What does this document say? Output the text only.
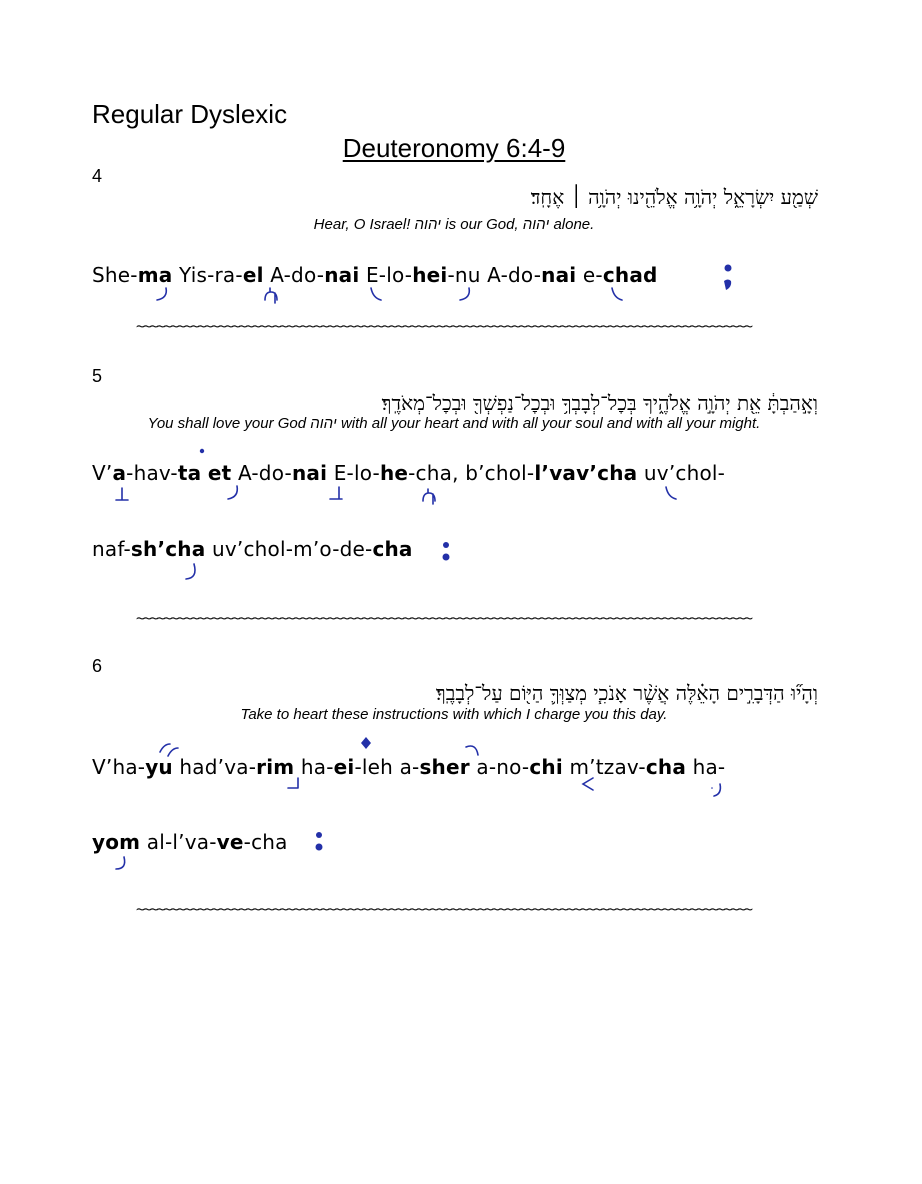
Regular Dyslexic
Deuteronomy 6:4-9
4
שְׁמַ֖ע יִשְׂרָאֵ֑ל יְהֹוָ֥ה אֱלֹהֵ֖ינוּ יְהֹוָ֥ה ׀ אֶחָֽד׃
Hear, O Israel! יהוה is our God, יהוה alone.
She-ma Yis-ra-el A-do-nai E-lo-hei-nu A-do-nai e-chad
~~~~~~~~~~~~~~~~~~~~~~~~~~~~~~~~~~~~~~~~~~~~~~~~~~~~~~~~~~~~~~~~~~~~~~~~~~~~~~~~~~~~~~~~~~
5
וְאָ֣הַבְתָּ֔ אֵ֖ת יְהֹוָ֣ה אֱלֹהֶ֑יךָ בְּכׇל־לְבָבְךָ֥ וּבְכׇל־נַפְשְׁךָ֖ וּבְכׇל־מְאֹדֶֽךָ׃
You shall love your God יהוה with all your heart and with all your soul and with all your might.
V’a-hav-ta et A-do-nai E-lo-he-cha, b’chol-l’vav’cha uv’chol-
naf-sh’cha uv’chol-m’o-de-cha
~~~~~~~~~~~~~~~~~~~~~~~~~~~~~~~~~~~~~~~~~~~~~~~~~~~~~~~~~~~~~~~~~~~~~~~~~~~~~~~~~~~~~~~~~~
6
וְהָי֞וּ הַדְּבָרִ֣ים הָאֵ֗לֶּה אֲשֶׁ֨ר אָנֹכִ֧י מְצַוְּךָ֛ הַיּ֖וֹם עַל־לְבָבֶֽךָ׃
Take to heart these instructions with which I charge you this day.
V’ha-yu had’va-rim ha-ei-leh a-sher a-no-chi m’tzav-cha ha-
yom al-l’va-ve-cha
~~~~~~~~~~~~~~~~~~~~~~~~~~~~~~~~~~~~~~~~~~~~~~~~~~~~~~~~~~~~~~~~~~~~~~~~~~~~~~~~~~~~~~~~~~
